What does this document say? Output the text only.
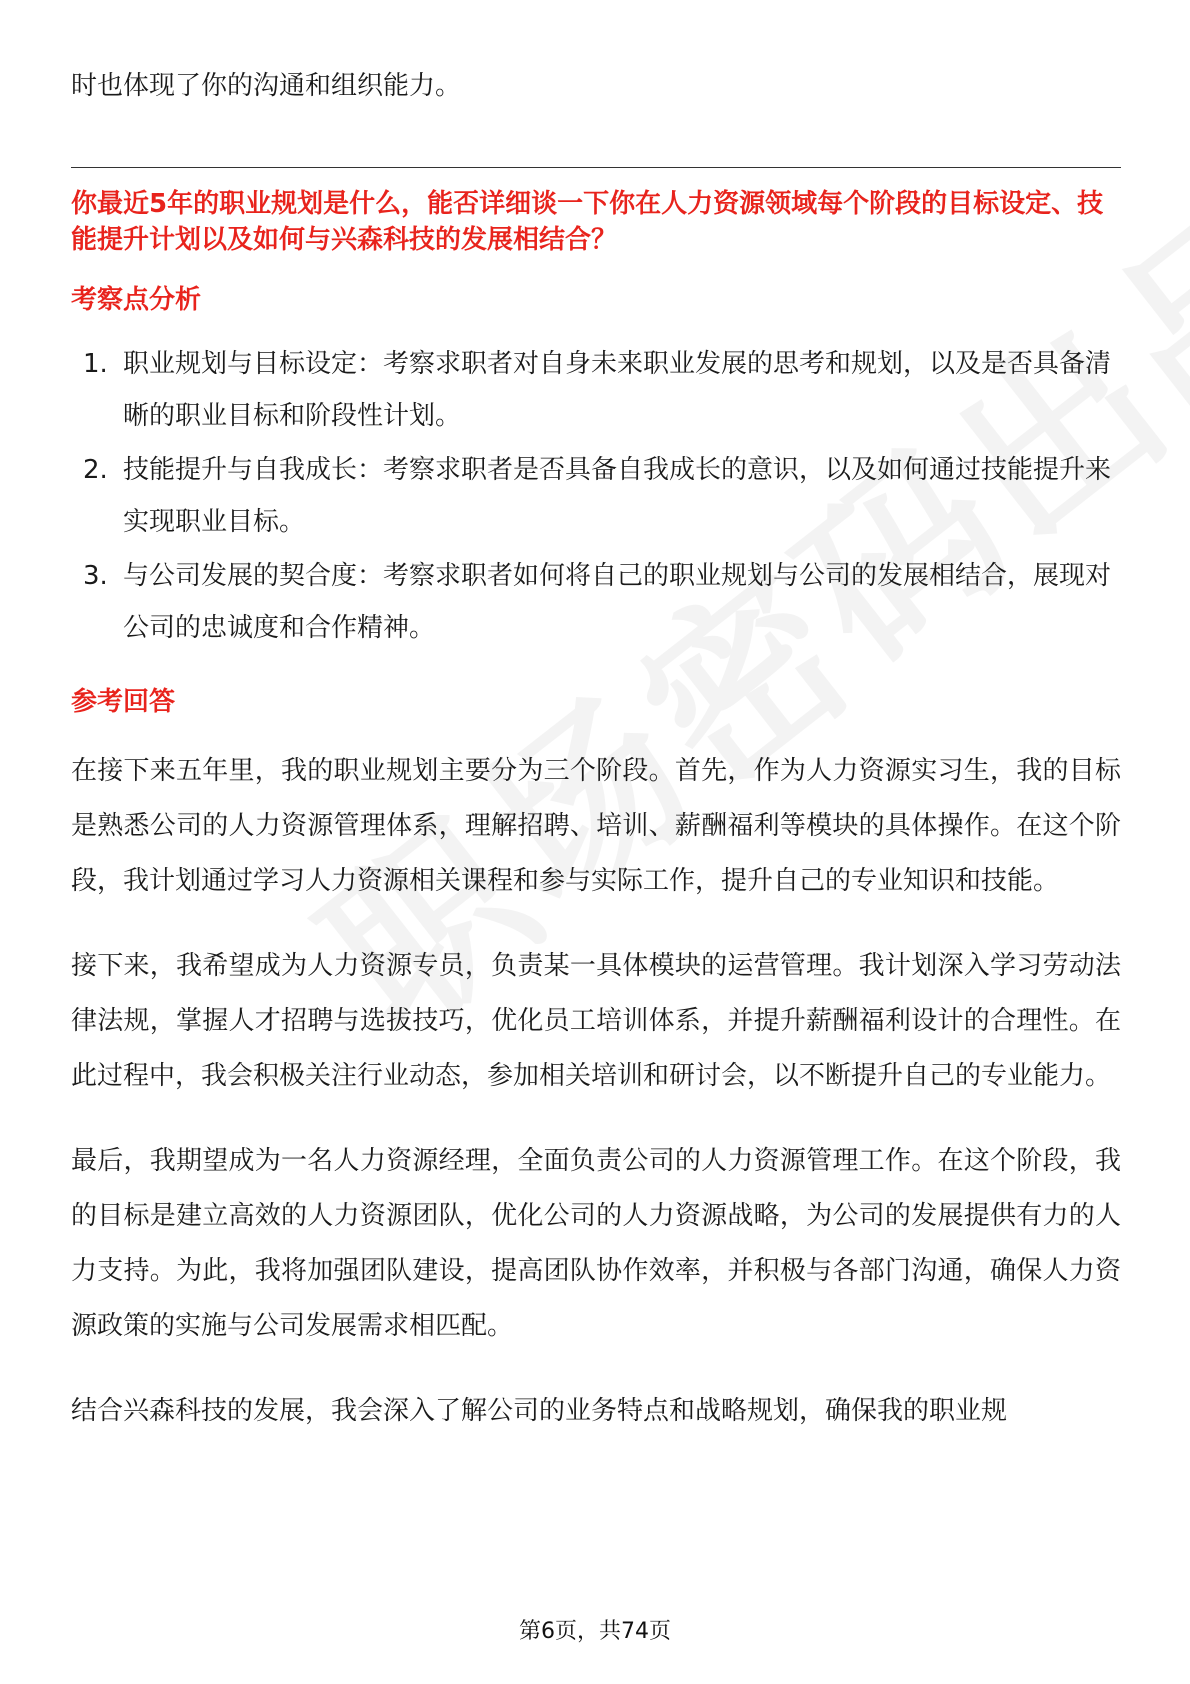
时也体现了你的沟通和组织能力。

你最近5年的职业规划是什么，能否详细谈一下你在人力资源领域每个阶段的目标设定、技能提升计划以及如何与兴森科技的发展相结合？

考察点分析
1. 职业规划与目标设定：考察求职者对自身未来职业发展的思考和规划，以及是否具备清晰的职业目标和阶段性计划。
2. 技能提升与自我成长：考察求职者是否具备自我成长的意识，以及如何通过技能提升来实现职业目标。
3. 与公司发展的契合度：考察求职者如何将自己的职业规划与公司的发展相结合，展现对公司的忠诚度和合作精神。
参考回答

在接下来五年里，我的职业规划主要分为三个阶段。首先，作为人力资源实习生，我的目标是熟悉公司的人力资源管理体系，理解招聘、培训、薪酬福利等模块的具体操作。在这个阶段，我计划通过学习人力资源相关课程和参与实际工作，提升自己的专业知识和技能。

接下来，我希望成为人力资源专员，负责某一具体模块的运营管理。我计划深入学习劳动法律法规，掌握人才招聘与选拔技巧，优化员工培训体系，并提升薪酬福利设计的合理性。在此过程中，我会积极关注行业动态，参加相关培训和研讨会，以不断提升自己的专业能力。

最后，我期望成为一名人力资源经理，全面负责公司的人力资源管理工作。在这个阶段，我的目标是建立高效的人力资源团队，优化公司的人力资源战略，为公司的发展提供有力的人力支持。为此，我将加强团队建设，提高团队协作效率，并积极与各部门沟通，确保人力资源政策的实施与公司发展需求相匹配。

结合兴森科技的发展，我会深入了解公司的业务特点和战略规划，确保我的职业规

第6页，共74页
